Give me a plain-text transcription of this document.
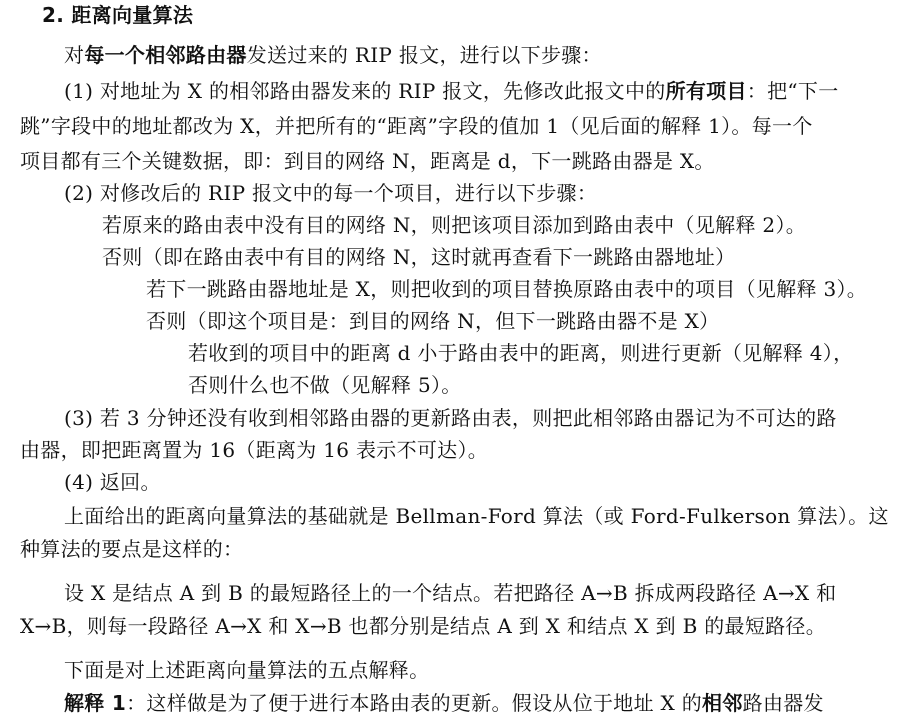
2. 距离向量算法
对每一个相邻路由器发送过来的 RIP 报文，进行以下步骤：
(1) 对地址为 X 的相邻路由器发来的 RIP 报文，先修改此报文中的所有项目：把“下一
跳”字段中的地址都改为 X，并把所有的“距离”字段的值加 1（见后面的解释 1）。每一个
项目都有三个关键数据，即：到目的网络 N，距离是 d，下一跳路由器是 X。
(2) 对修改后的 RIP 报文中的每一个项目，进行以下步骤：
若原来的路由表中没有目的网络 N，则把该项目添加到路由表中（见解释 2）。
否则（即在路由表中有目的网络 N，这时就再查看下一跳路由器地址）
若下一跳路由器地址是 X，则把收到的项目替换原路由表中的项目（见解释 3）。
否则（即这个项目是：到目的网络 N，但下一跳路由器不是 X）
若收到的项目中的距离 d 小于路由表中的距离，则进行更新（见解释 4），
否则什么也不做（见解释 5）。
(3) 若 3 分钟还没有收到相邻路由器的更新路由表，则把此相邻路由器记为不可达的路
由器，即把距离置为 16（距离为 16 表示不可达）。
(4) 返回。
上面给出的距离向量算法的基础就是 Bellman-Ford 算法（或 Ford-Fulkerson 算法）。这
种算法的要点是这样的：
设 X 是结点 A 到 B 的最短路径上的一个结点。若把路径 A→B 拆成两段路径 A→X 和
X→B，则每一段路径 A→X 和 X→B 也都分别是结点 A 到 X 和结点 X 到 B 的最短路径。
下面是对上述距离向量算法的五点解释。
解释 1：这样做是为了便于进行本路由表的更新。假设从位于地址 X 的相邻路由器发
